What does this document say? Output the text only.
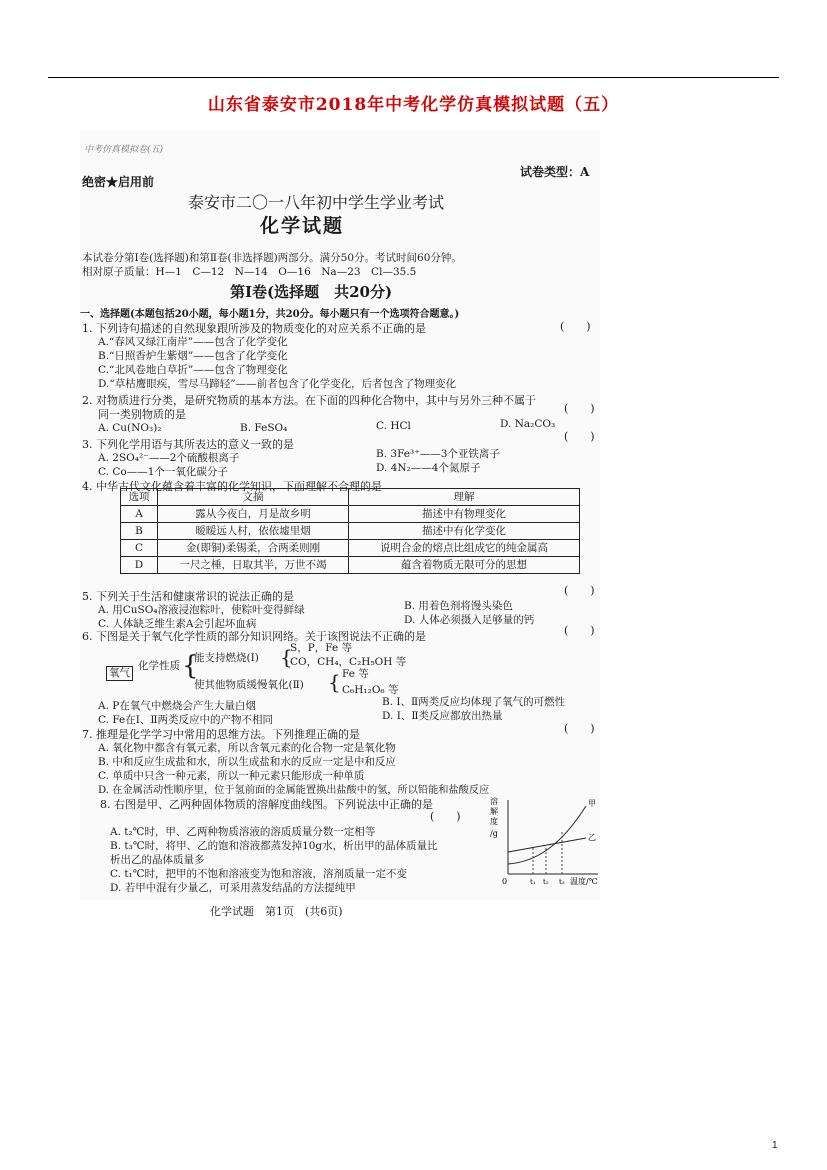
山东省泰安市2018年中考化学仿真模拟试题（五）
中考仿真模拟卷(五)
绝密★启用前
试卷类型：A
泰安市二〇一八年初中学生学业考试
化学试题
本试卷分第Ⅰ卷(选择题)和第Ⅱ卷(非选择题)两部分。满分50分。考试时间60分钟。
相对原子质量：H—1　C—12　N—14　O—16　Na—23　Cl—35.5
第Ⅰ卷(选择题　共20分)
一、选择题(本题包括20小题，每小题1分，共20分。每小题只有一个选项符合题意。)
1. 下列诗句描述的自然现象跟所涉及的物质变化的对应关系不正确的是	(　　)
A.“春风又绿江南岸”——包含了化学变化
B.“日照香炉生紫烟”——包含了化学变化
C.“北风卷地白草折”——包含了物理变化
D.“草枯鹰眼疾，雪尽马蹄轻”——前者包含了化学变化，后者包含了物理变化
2. 对物质进行分类，是研究物质的基本方法。在下面的四种化合物中，其中与另外三种不属于
同一类别物质的是	(　　)
A. Cu(NO₃)₂	B. FeSO₄	C. HCl	D. Na₂CO₃
3. 下列化学用语与其所表达的意义一致的是
(　　)
A. 2SO₄²⁻——2个硫酸根离子	B. 3Fe³⁺——3个亚铁离子
C. Co——1个一氧化碳分子	D. 4N₂——4个氮原子
4. 中华古代文化蕴含着丰富的化学知识，下面理解不合理的是
选项	文摘	理解
A	露从今夜白，月是故乡明	描述中有物理变化
B	暧暧远人村，依依墟里烟	描述中有化学变化
C	金(即铜)柔锡柔，合两柔则刚	说明合金的熔点比组成它的纯金属高
D	一尺之棰，日取其半，万世不竭	蕴含着物质无限可分的思想
5. 下列关于生活和健康常识的说法正确的是	(　　)
A. 用CuSO₄溶液浸泡粽叶，使粽叶变得鲜绿	B. 用着色剂将馒头染色
C. 人体缺乏维生素A会引起坏血病	D. 人体必须摄入足够量的钙
6. 下图是关于氧气化学性质的部分知识网络。关于该图说法不正确的是	(　　)
氧气
化学性质 {
能支持燃烧(Ⅰ) {
S，P，Fe 等
CO，CH₄，C₂H₅OH 等
使其他物质缓慢氧化(Ⅱ) { Fe 等
C₆H₁₂O₆ 等
A. P在氧气中燃烧会产生大量白烟	B. Ⅰ、Ⅱ两类反应均体现了氧气的可燃性
C. Fe在Ⅰ、Ⅱ两类反应中的产物不相同	D. Ⅰ、Ⅱ类反应都放出热量
7. 推理是化学学习中常用的思维方法。下列推理正确的是	(　　)
A. 氧化物中都含有氧元素，所以含氧元素的化合物一定是氧化物
B. 中和反应生成盐和水，所以生成盐和水的反应一定是中和反应
C. 单质中只含一种元素，所以一种元素只能形成一种单质
D. 在金属活动性顺序里，位于氢前面的金属能置换出盐酸中的氢，所以铅能和盐酸反应
8. 右图是甲、乙两种固体物质的溶解度曲线图。下列说法中正确的是
(　　)
A. t₂℃时，甲、乙两种物质溶液的溶质质量分数一定相等
B. t₃℃时，将甲、乙的饱和溶液都蒸发掉10g水，析出甲的晶体质量比
析出乙的晶体质量多
C. t₁℃时，把甲的不饱和溶液变为饱和溶液，溶剂质量一定不变
D. 若甲中混有少量乙，可采用蒸发结晶的方法提纯甲
溶
解
度
/g
0	t₁ t₂ t₃ 温度/℃
甲
乙
化学试题　第1页　(共6页)
1
